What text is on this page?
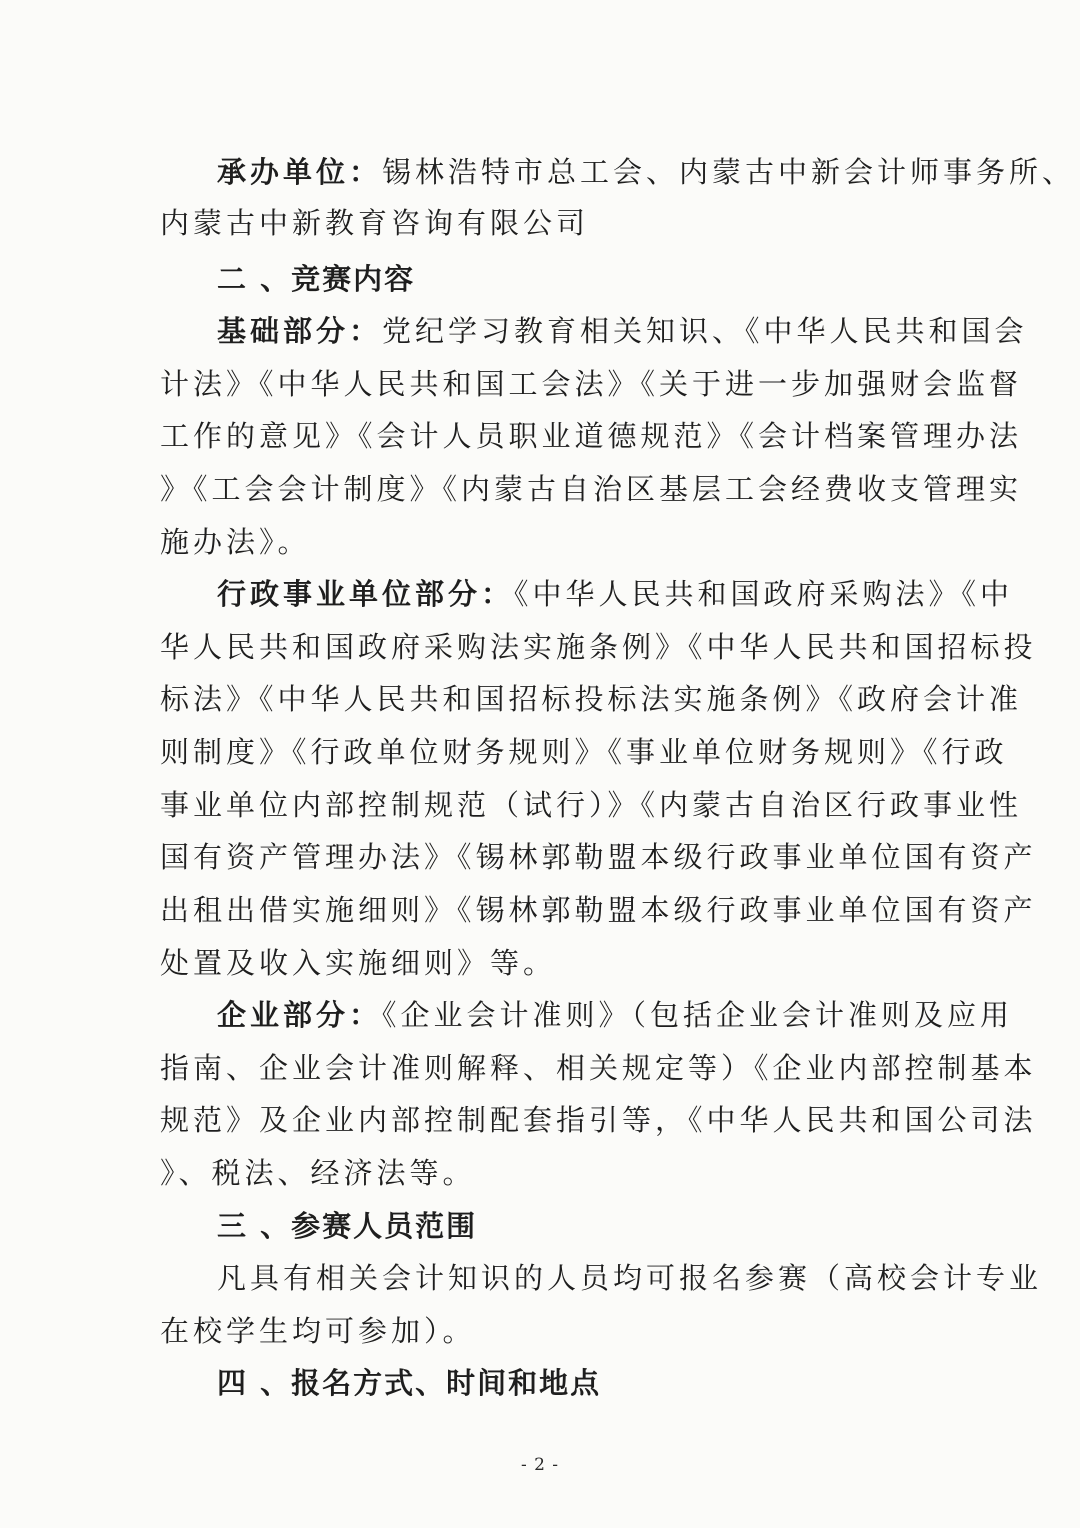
承办单位：锡林浩特市总工会、内蒙古中新会计师事务所、
内蒙古中新教育咨询有限公司
二 、竞赛内容
基础部分：党纪学习教育相关知识、《中华人民共和国会
计法》《中华人民共和国工会法》《关于进一步加强财会监督
工作的意见》《会计人员职业道德规范》《会计档案管理办法
》《工会会计制度》《内蒙古自治区基层工会经费收支管理实
施办法》。
行政事业单位部分：《中华人民共和国政府采购法》《中
华人民共和国政府采购法实施条例》《中华人民共和国招标投
标法》《中华人民共和国招标投标法实施条例》《政府会计准
则制度》《行政单位财务规则》《事业单位财务规则》《行政
事业单位内部控制规范（试行）》《内蒙古自治区行政事业性
国有资产管理办法》《锡林郭勒盟本级行政事业单位国有资产
出租出借实施细则》《锡林郭勒盟本级行政事业单位国有资产
处置及收入实施细则》等。
企业部分：《企业会计准则》（包括企业会计准则及应用
指南、企业会计准则解释、相关规定等）《企业内部控制基本
规范》及企业内部控制配套指引等，《中华人民共和国公司法
》、税法、经济法等。
三 、参赛人员范围
凡具有相关会计知识的人员均可报名参赛（高校会计专业
在校学生均可参加）。
四 、报名方式、时间和地点
- 2 -
